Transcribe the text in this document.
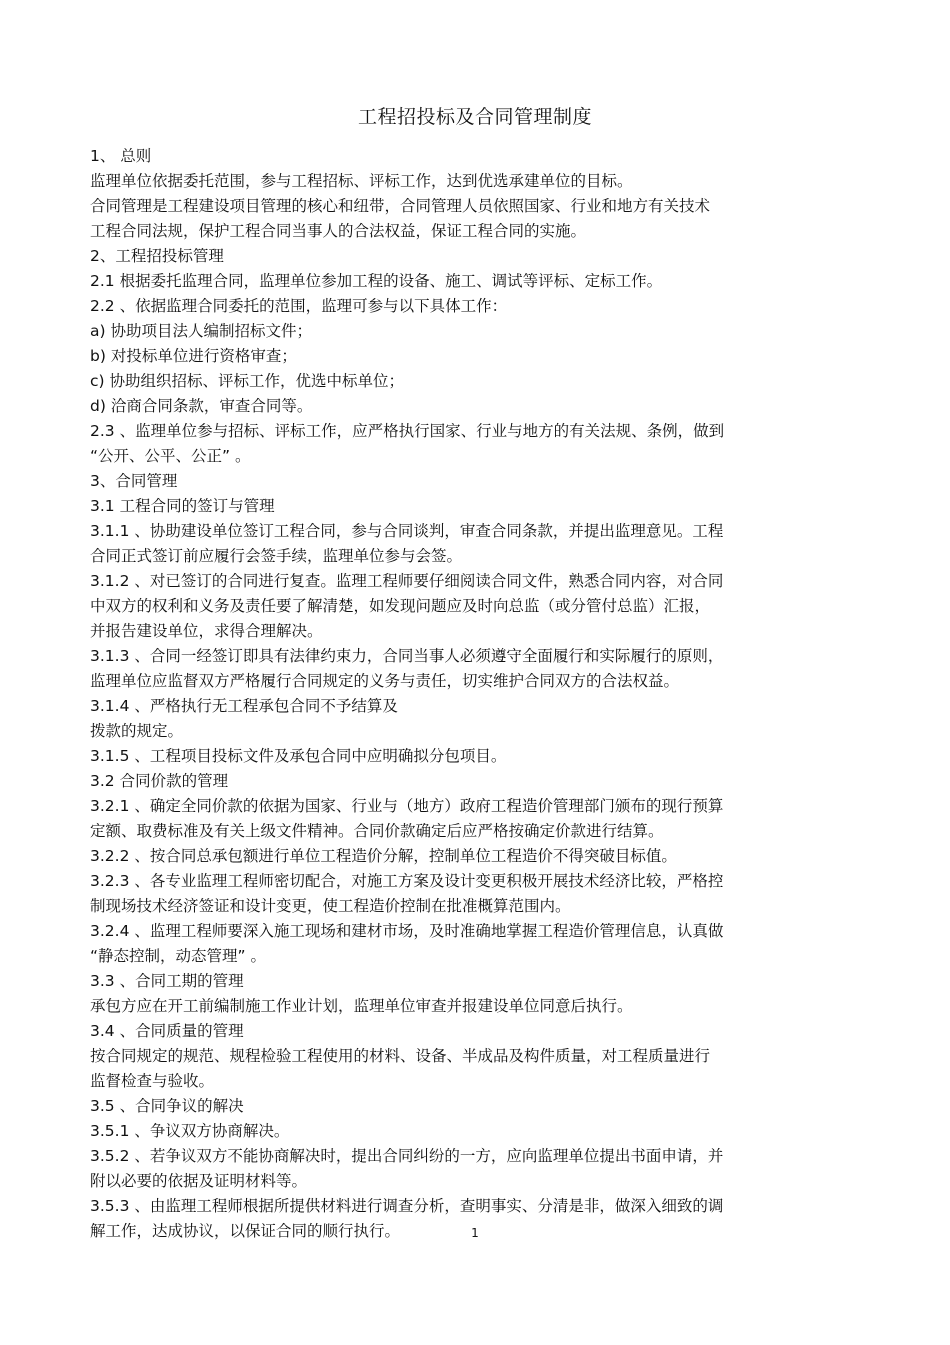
工程招投标及合同管理制度
1、 总则
监理单位依据委托范围，参与工程招标、评标工作，达到优选承建单位的目标。
合同管理是工程建设项目管理的核心和纽带，合同管理人员依照国家、行业和地方有关技术
工程合同法规，保护工程合同当事人的合法权益，保证工程合同的实施。
2、工程招投标管理
2.1 根据委托监理合同，监理单位参加工程的设备、施工、调试等评标、定标工作。
2.2 、依据监理合同委托的范围，监理可参与以下具体工作：
a) 协助项目法人编制招标文件；
b) 对投标单位进行资格审查；
c) 协助组织招标、评标工作，优选中标单位；
d) 洽商合同条款，审查合同等。
2.3 、监理单位参与招标、评标工作，应严格执行国家、行业与地方的有关法规、条例，做到
“公开、公平、公正” 。
3、合同管理
3.1 工程合同的签订与管理
3.1.1 、协助建设单位签订工程合同，参与合同谈判，审查合同条款，并提出监理意见。工程
合同正式签订前应履行会签手续，监理单位参与会签。
3.1.2 、对已签订的合同进行复查。监理工程师要仔细阅读合同文件，熟悉合同内容，对合同
中双方的权利和义务及责任要了解清楚，如发现问题应及时向总监（或分管付总监）汇报，
并报告建设单位，求得合理解决。
3.1.3 、合同一经签订即具有法律约束力，合同当事人必须遵守全面履行和实际履行的原则，
监理单位应监督双方严格履行合同规定的义务与责任，切实维护合同双方的合法权益。
3.1.4 、严格执行无工程承包合同不予结算及
拨款的规定。
3.1.5 、工程项目投标文件及承包合同中应明确拟分包项目。
3.2 合同价款的管理
3.2.1 、确定全同价款的依据为国家、行业与（地方）政府工程造价管理部门颁布的现行预算
定额、取费标准及有关上级文件精神。合同价款确定后应严格按确定价款进行结算。
3.2.2 、按合同总承包额进行单位工程造价分解，控制单位工程造价不得突破目标值。
3.2.3 、各专业监理工程师密切配合，对施工方案及设计变更积极开展技术经济比较，严格控
制现场技术经济签证和设计变更，使工程造价控制在批准概算范围内。
3.2.4 、监理工程师要深入施工现场和建材市场，及时准确地掌握工程造价管理信息，认真做
“静态控制，动态管理” 。
3.3 、合同工期的管理
承包方应在开工前编制施工作业计划，监理单位审查并报建设单位同意后执行。
3.4 、合同质量的管理
按合同规定的规范、规程检验工程使用的材料、设备、半成品及构件质量，对工程质量进行
监督检查与验收。
3.5 、合同争议的解决
3.5.1 、争议双方协商解决。
3.5.2 、若争议双方不能协商解决时，提出合同纠纷的一方，应向监理单位提出书面申请，并
附以必要的依据及证明材料等。
3.5.3 、由监理工程师根据所提供材料进行调查分析，查明事实、分清是非，做深入细致的调
解工作，达成协议，以保证合同的顺行执行。	1
